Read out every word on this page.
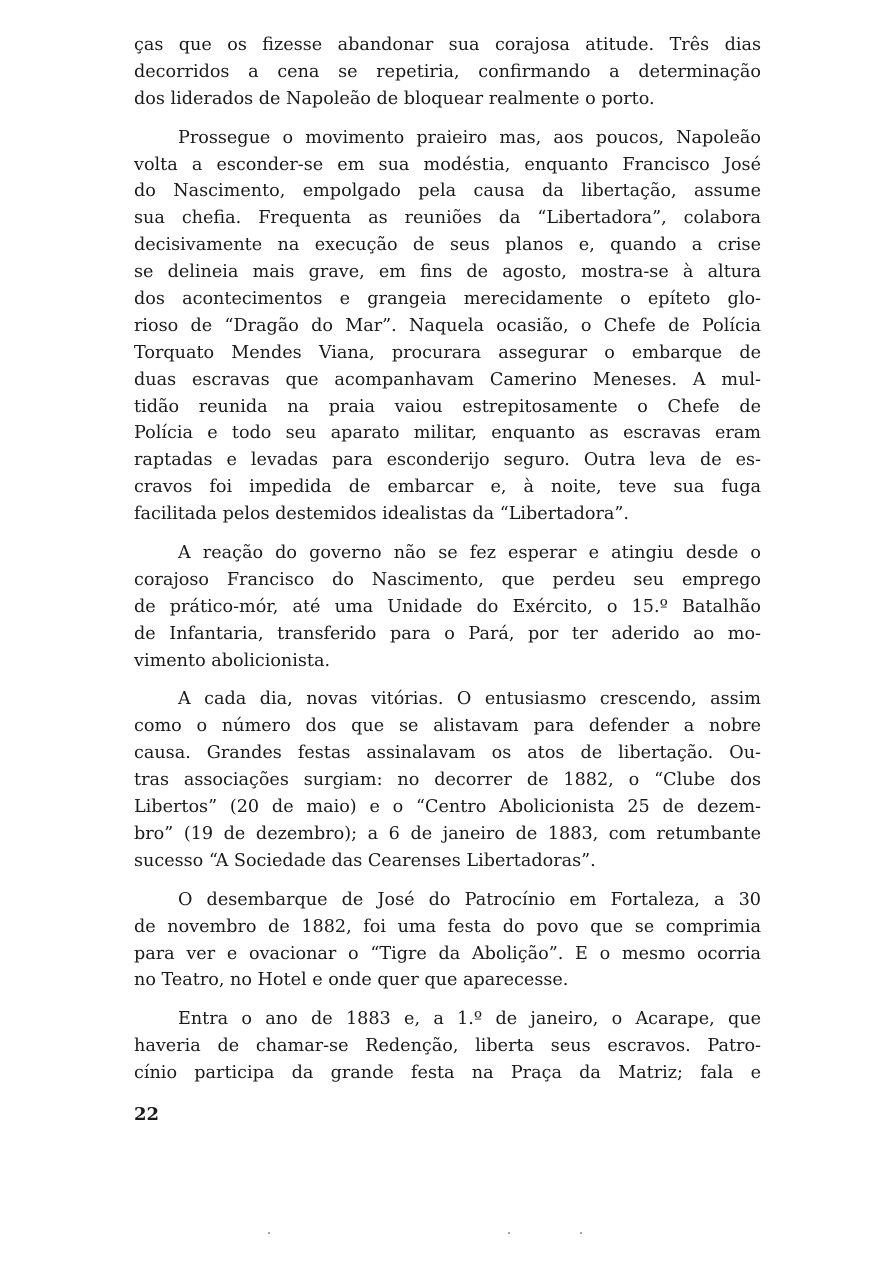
ças que os fizesse abandonar sua corajosa atitude. Três dias
decorridos a cena se repetiria, confirmando a determinação
dos liderados de Napoleão de bloquear realmente o porto.
Prossegue o movimento praieiro mas, aos poucos, Napoleão
volta a esconder-se em sua modéstia, enquanto Francisco José
do Nascimento, empolgado pela causa da libertação, assume
sua chefia. Frequenta as reuniões da “Libertadora”, colabora
decisivamente na execução de seus planos e, quando a crise
se delineia mais grave, em fins de agosto, mostra-se à altura
dos acontecimentos e grangeia merecidamente o epíteto glo-
rioso de “Dragão do Mar”. Naquela ocasião, o Chefe de Polícia
Torquato Mendes Viana, procurara assegurar o embarque de
duas escravas que acompanhavam Camerino Meneses. A mul-
tidão reunida na praia vaiou estrepitosamente o Chefe de
Polícia e todo seu aparato militar, enquanto as escravas eram
raptadas e levadas para esconderijo seguro. Outra leva de es-
cravos foi impedida de embarcar e, à noite, teve sua fuga
facilitada pelos destemidos idealistas da “Libertadora”.
A reação do governo não se fez esperar e atingiu desde o
corajoso Francisco do Nascimento, que perdeu seu emprego
de prático-mór, até uma Unidade do Exército, o 15.º Batalhão
de Infantaria, transferido para o Pará, por ter aderido ao mo-
vimento abolicionista.
A cada dia, novas vitórias. O entusiasmo crescendo, assim
como o número dos que se alistavam para defender a nobre
causa. Grandes festas assinalavam os atos de libertação. Ou-
tras associações surgiam: no decorrer de 1882, o “Clube dos
Libertos” (20 de maio) e o “Centro Abolicionista 25 de dezem-
bro” (19 de dezembro); a 6 de janeiro de 1883, com retumbante
sucesso “A Sociedade das Cearenses Libertadoras”.
O desembarque de José do Patrocínio em Fortaleza, a 30
de novembro de 1882, foi uma festa do povo que se comprimia
para ver e ovacionar o “Tigre da Abolição”. E o mesmo ocorria
no Teatro, no Hotel e onde quer que aparecesse.
Entra o ano de 1883 e, a 1.º de janeiro, o Acarape, que
haveria de chamar-se Redenção, liberta seus escravos. Patro-
cínio participa da grande festa na Praça da Matriz; fala e
22
